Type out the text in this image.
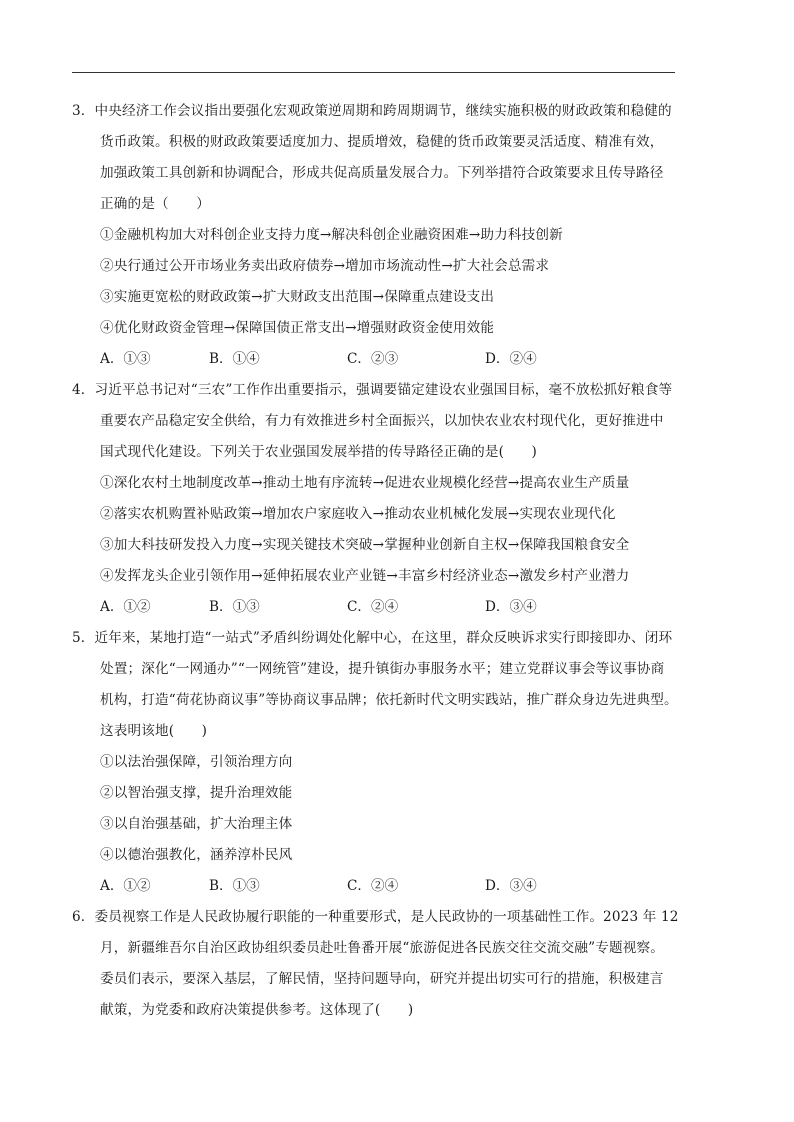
3．中央经济工作会议指出要强化宏观政策逆周期和跨周期调节，继续实施积极的财政政策和稳健的
货币政策。积极的财政政策要适度加力、提质增效，稳健的货币政策要灵活适度、精准有效，
加强政策工具创新和协调配合，形成共促高质量发展合力。下列举措符合政策要求且传导路径
正确的是（　　）
①金融机构加大对科创企业支持力度→解决科创企业融资困难→助力科技创新
②央行通过公开市场业务卖出政府债券→增加市场流动性→扩大社会总需求
③实施更宽松的财政政策→扩大财政支出范围→保障重点建设支出
④优化财政资金管理→保障国债正常支出→增强财政资金使用效能
A．①③	B．①④	C．②③	D．②④
4．习近平总书记对“三农”工作作出重要指示，强调要锚定建设农业强国目标，毫不放松抓好粮食等
重要农产品稳定安全供给，有力有效推进乡村全面振兴，以加快农业农村现代化，更好推进中
国式现代化建设。下列关于农业强国发展举措的传导路径正确的是(　　)
①深化农村土地制度改革→推动土地有序流转→促进农业规模化经营→提高农业生产质量
②落实农机购置补贴政策→增加农户家庭收入→推动农业机械化发展→实现农业现代化
③加大科技研发投入力度→实现关键技术突破→掌握种业创新自主权→保障我国粮食安全
④发挥龙头企业引领作用→延伸拓展农业产业链→丰富乡村经济业态→激发乡村产业潜力
A．①②	B．①③	C．②④	D．③④
5．近年来，某地打造“一站式”矛盾纠纷调处化解中心，在这里，群众反映诉求实行即接即办、闭环
处置；深化“一网通办”“一网统管”建设，提升镇街办事服务水平；建立党群议事会等议事协商
机构，打造“荷花协商议事”等协商议事品牌；依托新时代文明实践站，推广群众身边先进典型。
这表明该地(　　)
①以法治强保障，引领治理方向
②以智治强支撑，提升治理效能
③以自治强基础，扩大治理主体
④以德治强教化，涵养淳朴民风
A．①②	B．①③	C．②④	D．③④
6．委员视察工作是人民政协履行职能的一种重要形式，是人民政协的一项基础性工作。2023 年 12
月，新疆维吾尔自治区政协组织委员赴吐鲁番开展“旅游促进各民族交往交流交融”专题视察。
委员们表示，要深入基层，了解民情，坚持问题导向，研究并提出切实可行的措施，积极建言
献策，为党委和政府决策提供参考。这体现了(　　)
